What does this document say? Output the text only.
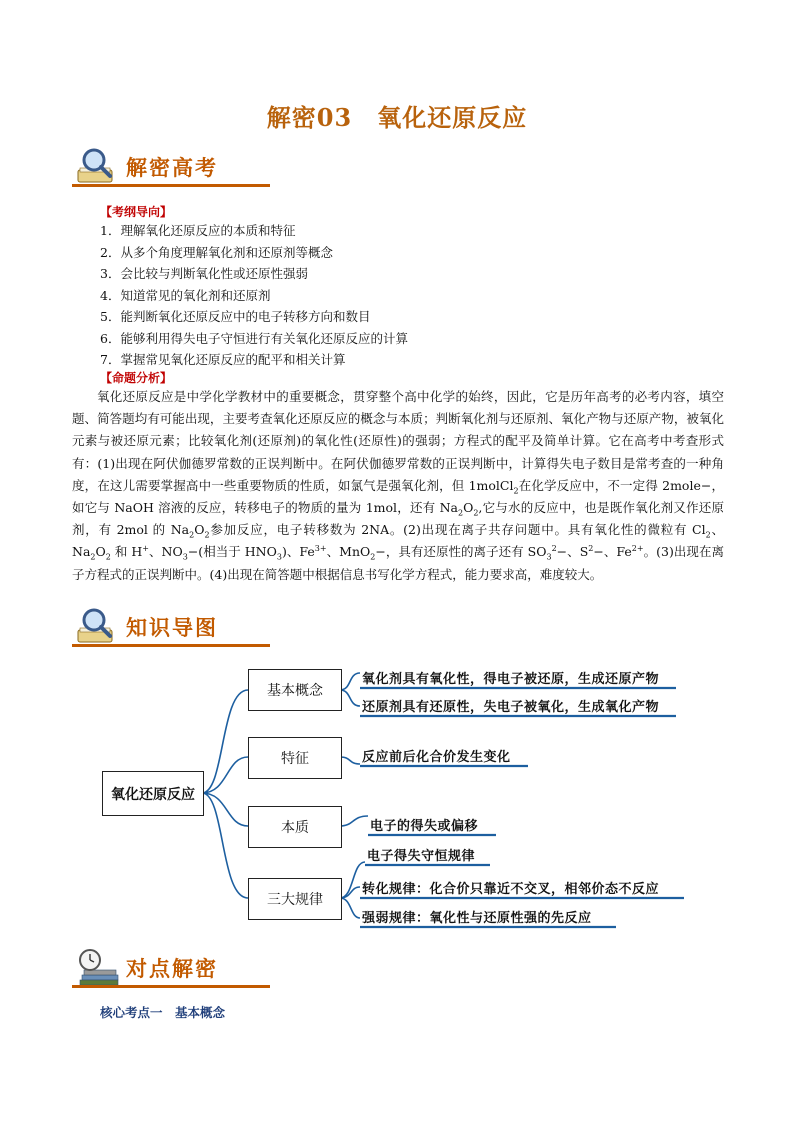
解密03　氧化还原反应
解密高考
【考纲导向】
1．理解氧化还原反应的本质和特征
2．从多个角度理解氧化剂和还原剂等概念
3．会比较与判断氧化性或还原性强弱
4．知道常见的氧化剂和还原剂
5．能判断氧化还原反应中的电子转移方向和数目
6．能够利用得失电子守恒进行有关氧化还原反应的计算
7．掌握常见氧化还原反应的配平和相关计算
【命题分析】

氧化还原反应是中学化学教材中的重要概念，贯穿整个高中化学的始终，因此，它是历年高考的必考内容，填空题、简答题均有可能出现，主要考查氧化还原反应的概念与本质；判断氧化剂与还原剂、氧化产物与还原产物，被氧化元素与被还原元素；比较氧化剂(还原剂)的氧化性(还原性)的强弱；方程式的配平及简单计算。它在高考中考查形式有：(1)出现在阿伏伽德罗常数的正误判断中。在阿伏伽德罗常数的正误判断中，计算得失电子数目是常考查的一种角度，在这儿需要掌握高中一些重要物质的性质，如氯气是强氧化剂，但 1molCl$_2$在化学反应中，不一定得 2mole−，如它与 NaOH 溶液的反应，转移电子的物质的量为 1mol，还有 $Na_2O_2$,它与水的反应中，也是既作氧化剂又作还原剂，有 2mol 的 $Na_2O_2$参加反应，电子转移数为 2NA。(2)出现在离子共存问题中。具有氧化性的微粒有 $Cl_2$、$Na_2O_2$ 和 H+、$NO_3-$(相当于 $HNO_3$)、$Fe^{3+}$、MnO$_2$−，具有还原性的离子还有 $SO_3^2-$、$S^2-$、$Fe^{2+}$。(3)出现在离子方程式的正误判断中。(4)出现在简答题中根据信息书写化学方程式，能力要求高，难度较大。

知识导图
氧化还原反应
基本概念
特征
本质
三大规律
氧化剂具有氧化性，得电子被还原，生成还原产物
还原剂具有还原性，失电子被氧化，生成氧化产物
反应前后化合价发生变化
电子的得失或偏移
电子得失守恒规律
转化规律：化合价只靠近不交叉，相邻价态不反应
强弱规律：氧化性与还原性强的先反应
对点解密
核心考点一　基本概念
